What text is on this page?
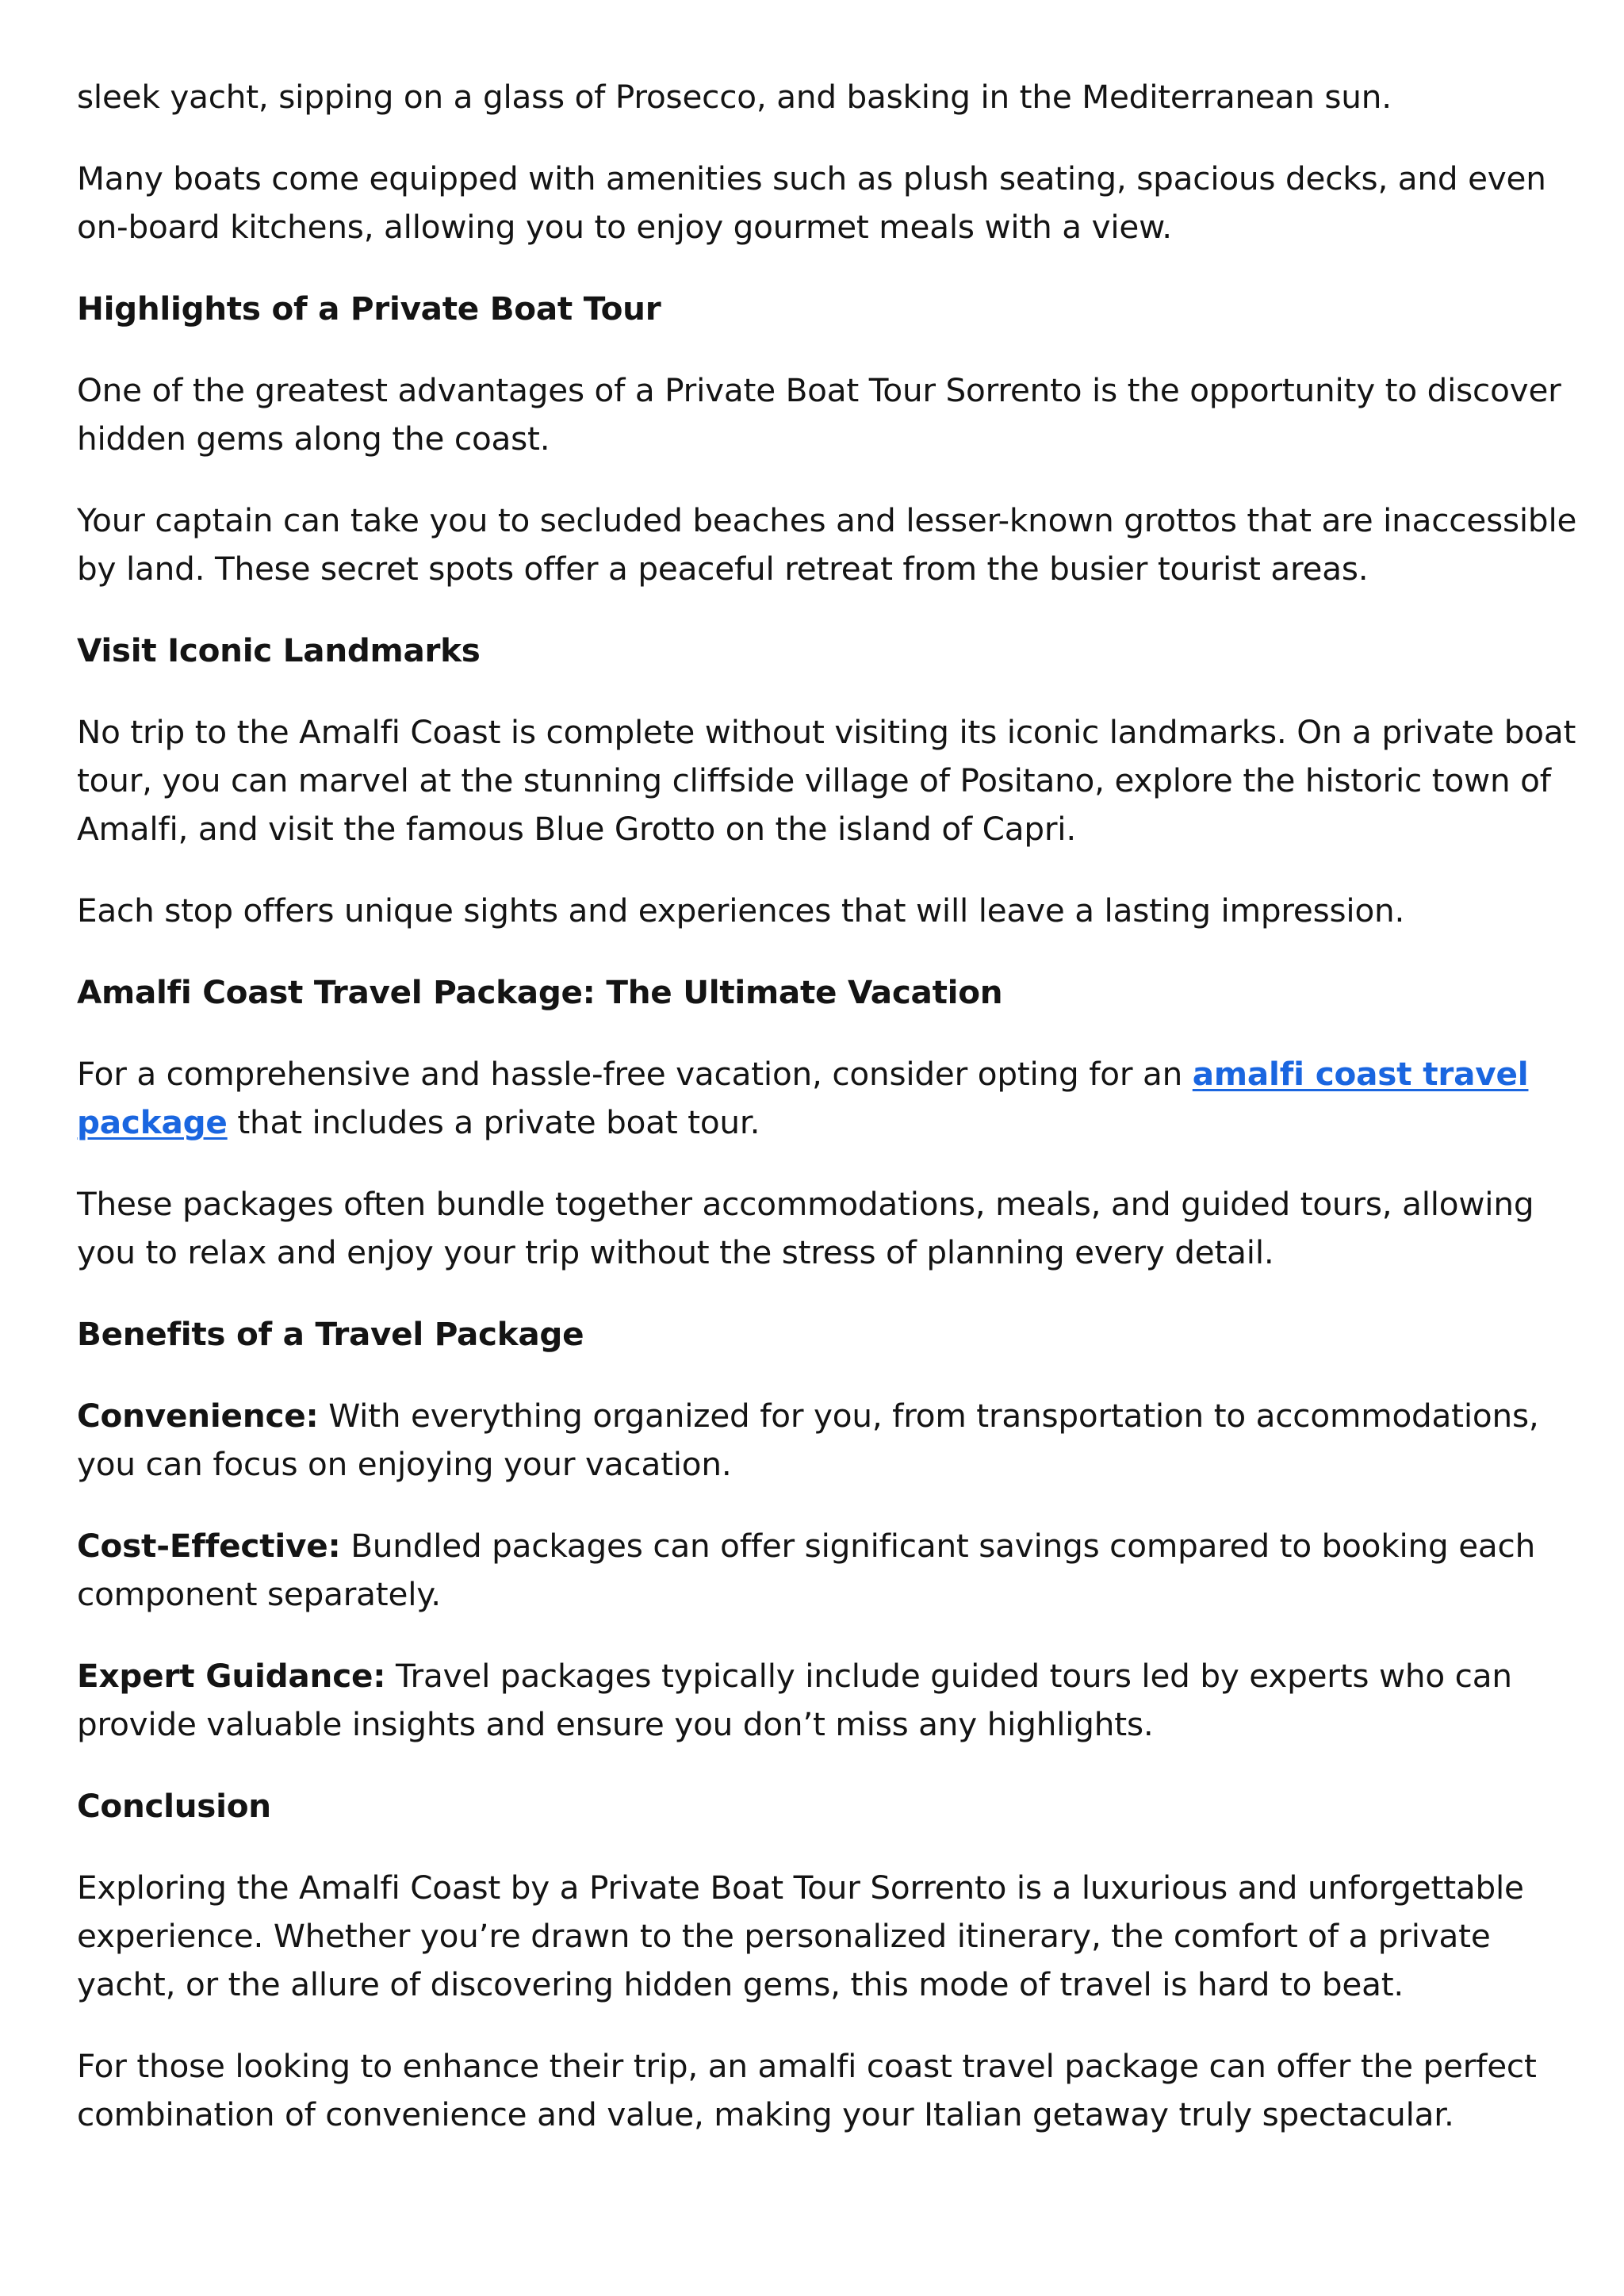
sleek yacht, sipping on a glass of Prosecco, and basking in the Mediterranean sun.

Many boats come equipped with amenities such as plush seating, spacious decks, and even on-board kitchens, allowing you to enjoy gourmet meals with a view.

Highlights of a Private Boat Tour

One of the greatest advantages of a Private Boat Tour Sorrento is the opportunity to discover hidden gems along the coast.

Your captain can take you to secluded beaches and lesser-known grottos that are inaccessible by land. These secret spots offer a peaceful retreat from the busier tourist areas.

Visit Iconic Landmarks

No trip to the Amalfi Coast is complete without visiting its iconic landmarks. On a private boat tour, you can marvel at the stunning cliffside village of Positano, explore the historic town of Amalfi, and visit the famous Blue Grotto on the island of Capri.

Each stop offers unique sights and experiences that will leave a lasting impression.

Amalfi Coast Travel Package: The Ultimate Vacation

For a comprehensive and hassle-free vacation, consider opting for an amalfi coast travel package that includes a private boat tour.

These packages often bundle together accommodations, meals, and guided tours, allowing you to relax and enjoy your trip without the stress of planning every detail.

Benefits of a Travel Package

Convenience: With everything organized for you, from transportation to accommodations, you can focus on enjoying your vacation.

Cost-Effective: Bundled packages can offer significant savings compared to booking each component separately.

Expert Guidance: Travel packages typically include guided tours led by experts who can provide valuable insights and ensure you don’t miss any highlights.

Conclusion

Exploring the Amalfi Coast by a Private Boat Tour Sorrento is a luxurious and unforgettable experience. Whether you’re drawn to the personalized itinerary, the comfort of a private yacht, or the allure of discovering hidden gems, this mode of travel is hard to beat.

For those looking to enhance their trip, an amalfi coast travel package can offer the perfect combination of convenience and value, making your Italian getaway truly spectacular.
